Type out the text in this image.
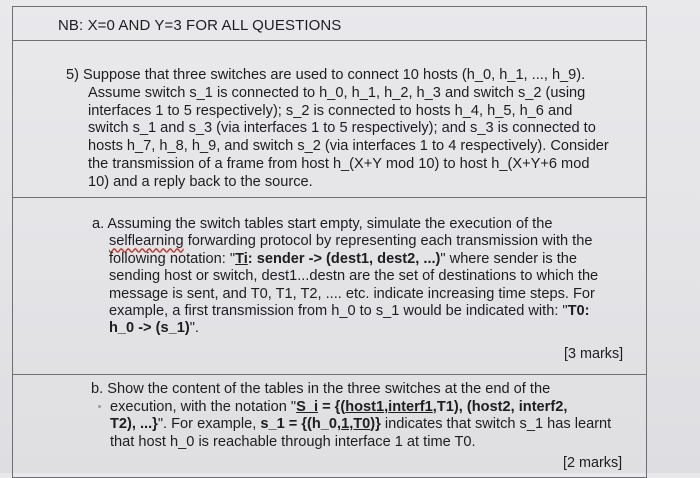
NB: X=0 AND Y=3 FOR ALL QUESTIONS
5) Suppose that three switches are used to connect 10 hosts (h_0, h_1, ..., h_9).
Assume switch s_1 is connected to h_0, h_1, h_2, h_3 and switch s_2 (using
interfaces 1 to 5 respectively); s_2 is connected to hosts h_4, h_5, h_6 and
switch s_1 and s_3 (via interfaces 1 to 5 respectively); and s_3 is connected to
hosts h_7, h_8, h_9, and switch s_2 (via interfaces 1 to 4 respectively). Consider
the transmission of a frame from host h_(X+Y mod 10) to host h_(X+Y+6 mod
10) and a reply back to the source.
a. Assuming the switch tables start empty, simulate the execution of the
selflearning forwarding protocol by representing each transmission with the
following notation: "Ti: sender -> (dest1, dest2, ...)" where sender is the
sending host or switch, dest1...destn are the set of destinations to which the
message is sent, and T0, T1, T2, .... etc. indicate increasing time steps. For
example, a first transmission from h_0 to s_1 would be indicated with: "T0:
h_0 -> (s_1)".
[3 marks]
b. Show the content of the tables in the three switches at the end of the
execution, with the notation "S_i = {(host1,interf1,T1), (host2, interf2,
T2), ...}". For example, s_1 = {(h_0,1,T0)} indicates that switch s_1 has learnt
that host h_0 is reachable through interface 1 at time T0.
[2 marks]
